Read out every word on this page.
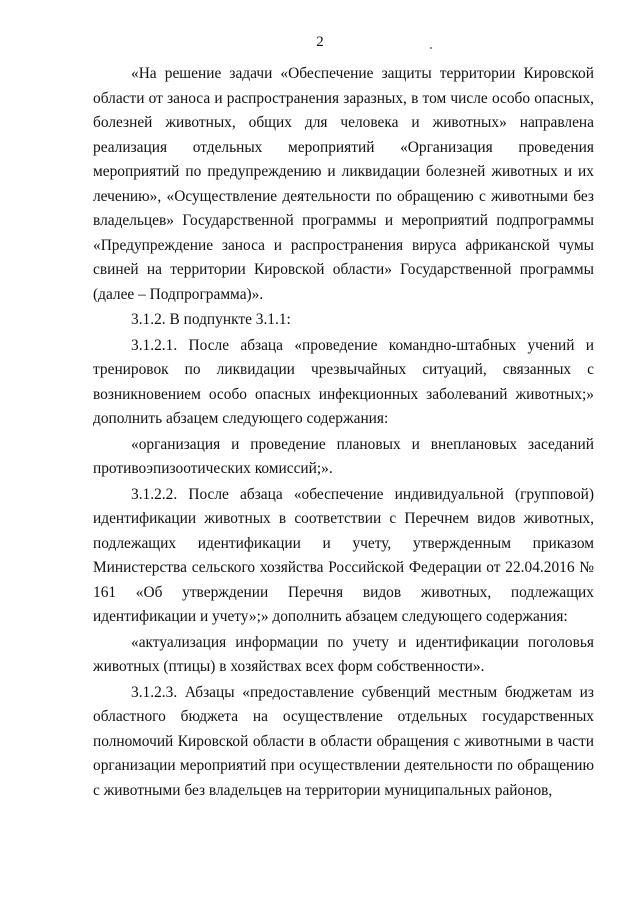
2

«На решение задачи «Обеспечение защиты территории Кировской области от заноса и распространения заразных, в том числе особо опасных, болезней животных, общих для человека и животных» направлена реализация отдельных мероприятий «Организация проведения мероприятий по предупреждению и ликвидации болезней животных и их лечению», «Осуществление деятельности по обращению с животными без владельцев» Государственной программы и мероприятий подпрограммы «Предупреждение заноса и распространения вируса африканской чумы свиней на территории Кировской области» Государственной программы (далее – Подпрограмма)».

3.1.2. В подпункте 3.1.1:

3.1.2.1. После абзаца «проведение командно-штабных учений и тренировок по ликвидации чрезвычайных ситуаций, связанных с возникновением особо опасных инфекционных заболеваний животных;» дополнить абзацем следующего содержания:

«организация и проведение плановых и внеплановых заседаний противоэпизоотических комиссий;».

3.1.2.2. После абзаца «обеспечение индивидуальной (групповой) идентификации животных в соответствии с Перечнем видов животных, подлежащих идентификации и учету, утвержденным приказом Министерства сельского хозяйства Российской Федерации от 22.04.2016 № 161 «Об утверждении Перечня видов животных, подлежащих идентификации и учету»;» дополнить абзацем следующего содержания:

«актуализация информации по учету и идентификации поголовья животных (птицы) в хозяйствах всех форм собственности».

3.1.2.3. Абзацы «предоставление субвенций местным бюджетам из областного бюджета на осуществление отдельных государственных полномочий Кировской области в области обращения с животными в части организации мероприятий при осуществлении деятельности по обращению с животными без владельцев на территории муниципальных районов,
